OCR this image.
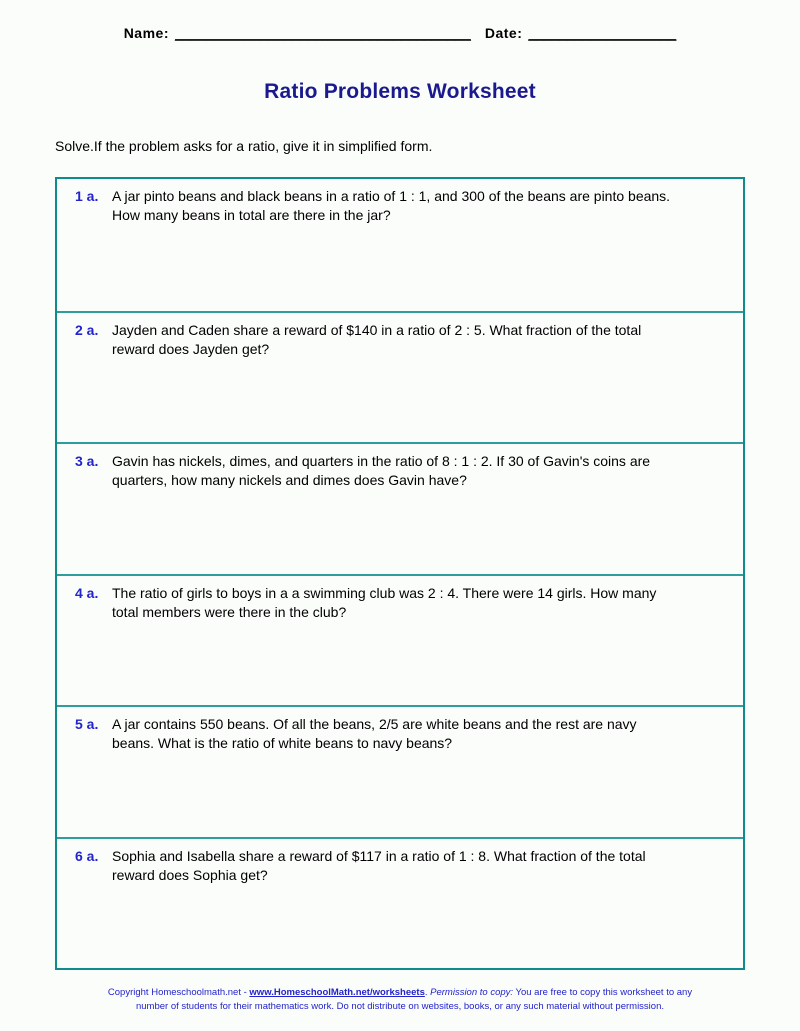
Name: ______________________________________ Date: ___________________
Ratio Problems Worksheet
Solve.If the problem asks for a ratio, give it in simplified form.
1 a. A jar pinto beans and black beans in a ratio of 1 : 1, and 300 of the beans are pinto beans.
How many beans in total are there in the jar?
2 a. Jayden and Caden share a reward of $140 in a ratio of 2 : 5. What fraction of the total
reward does Jayden get?
3 a. Gavin has nickels, dimes, and quarters in the ratio of 8 : 1 : 2. If 30 of Gavin's coins are
quarters, how many nickels and dimes does Gavin have?
4 a. The ratio of girls to boys in a a swimming club was 2 : 4. There were 14 girls. How many
total members were there in the club?
5 a. A jar contains 550 beans. Of all the beans, 2/5 are white beans and the rest are navy
beans. What is the ratio of white beans to navy beans?
6 a. Sophia and Isabella share a reward of $117 in a ratio of 1 : 8. What fraction of the total
reward does Sophia get?
Copyright Homeschoolmath.net - www.HomeschoolMath.net/worksheets. Permission to copy: You are free to copy this worksheet to any
number of students for their mathematics work. Do not distribute on websites, books, or any such material without permission.
